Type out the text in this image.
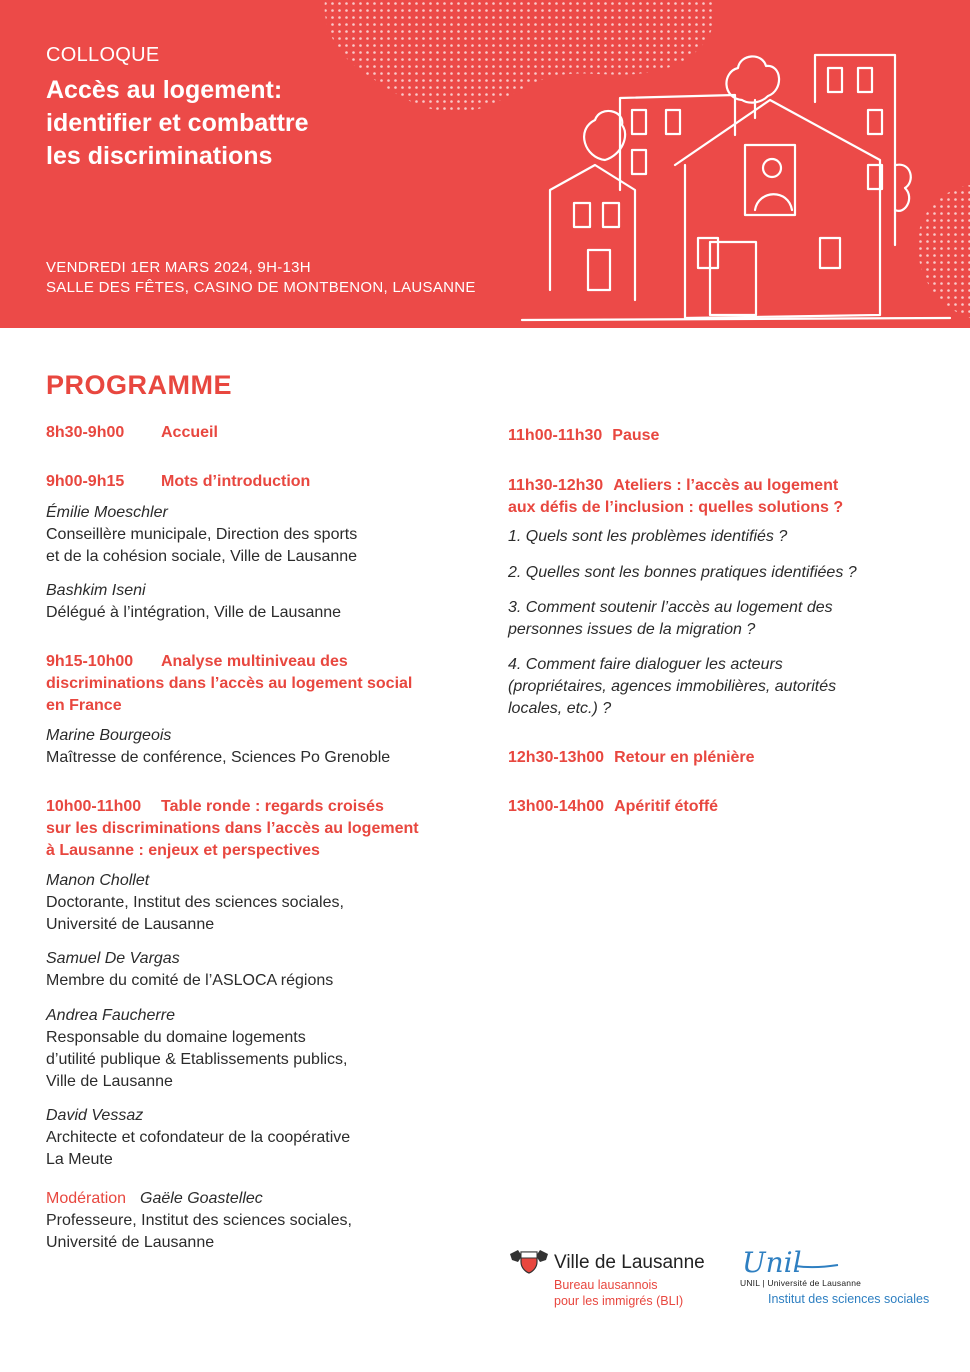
COLLOQUE
Accès au logement:
identifier et combattre
les discriminations
VENDREDI 1ER MARS 2024, 9H-13H
SALLE DES FÊTES, CASINO DE MONTBENON, LAUSANNE
PROGRAMME
8h30-9h00 Accueil
9h00-9h15 Mots d’introduction
Émilie Moeschler
Conseillère municipale, Direction des sports
et de la cohésion sociale, Ville de Lausanne
Bashkim Iseni
Délégué à l’intégration, Ville de Lausanne
9h15-10h00 Analyse multiniveau des
discriminations dans l’accès au logement social
en France
Marine Bourgeois
Maîtresse de conférence, Sciences Po Grenoble
10h00-11h00 Table ronde : regards croisés
sur les discriminations dans l’accès au logement
à Lausanne : enjeux et perspectives
Manon Chollet
Doctorante, Institut des sciences sociales,
Université de Lausanne
Samuel De Vargas
Membre du comité de l’ASLOCA régions
Andrea Faucherre
Responsable du domaine logements
d’utilité publique & Etablissements publics,
Ville de Lausanne
David Vessaz
Architecte et cofondateur de la coopérative
La Meute
Modération Gaële Goastellec
Professeure, Institut des sciences sociales,
Université de Lausanne
11h00-11h30 Pause
11h30-12h30 Ateliers : l’accès au logement
aux défis de l’inclusion : quelles solutions ?
1. Quels sont les problèmes identifiés ?
2. Quelles sont les bonnes pratiques identifiées ?
3. Comment soutenir l’accès au logement des
personnes issues de la migration ?
4. Comment faire dialoguer les acteurs
(propriétaires, agences immobilières, autorités
locales, etc.) ?
12h30-13h00 Retour en plénière
13h00-14h00 Apéritif étoffé
Ville de Lausanne
Bureau lausannois
pour les immigrés (BLI)
Unil
UNIL | Université de Lausanne
Institut des sciences sociales
